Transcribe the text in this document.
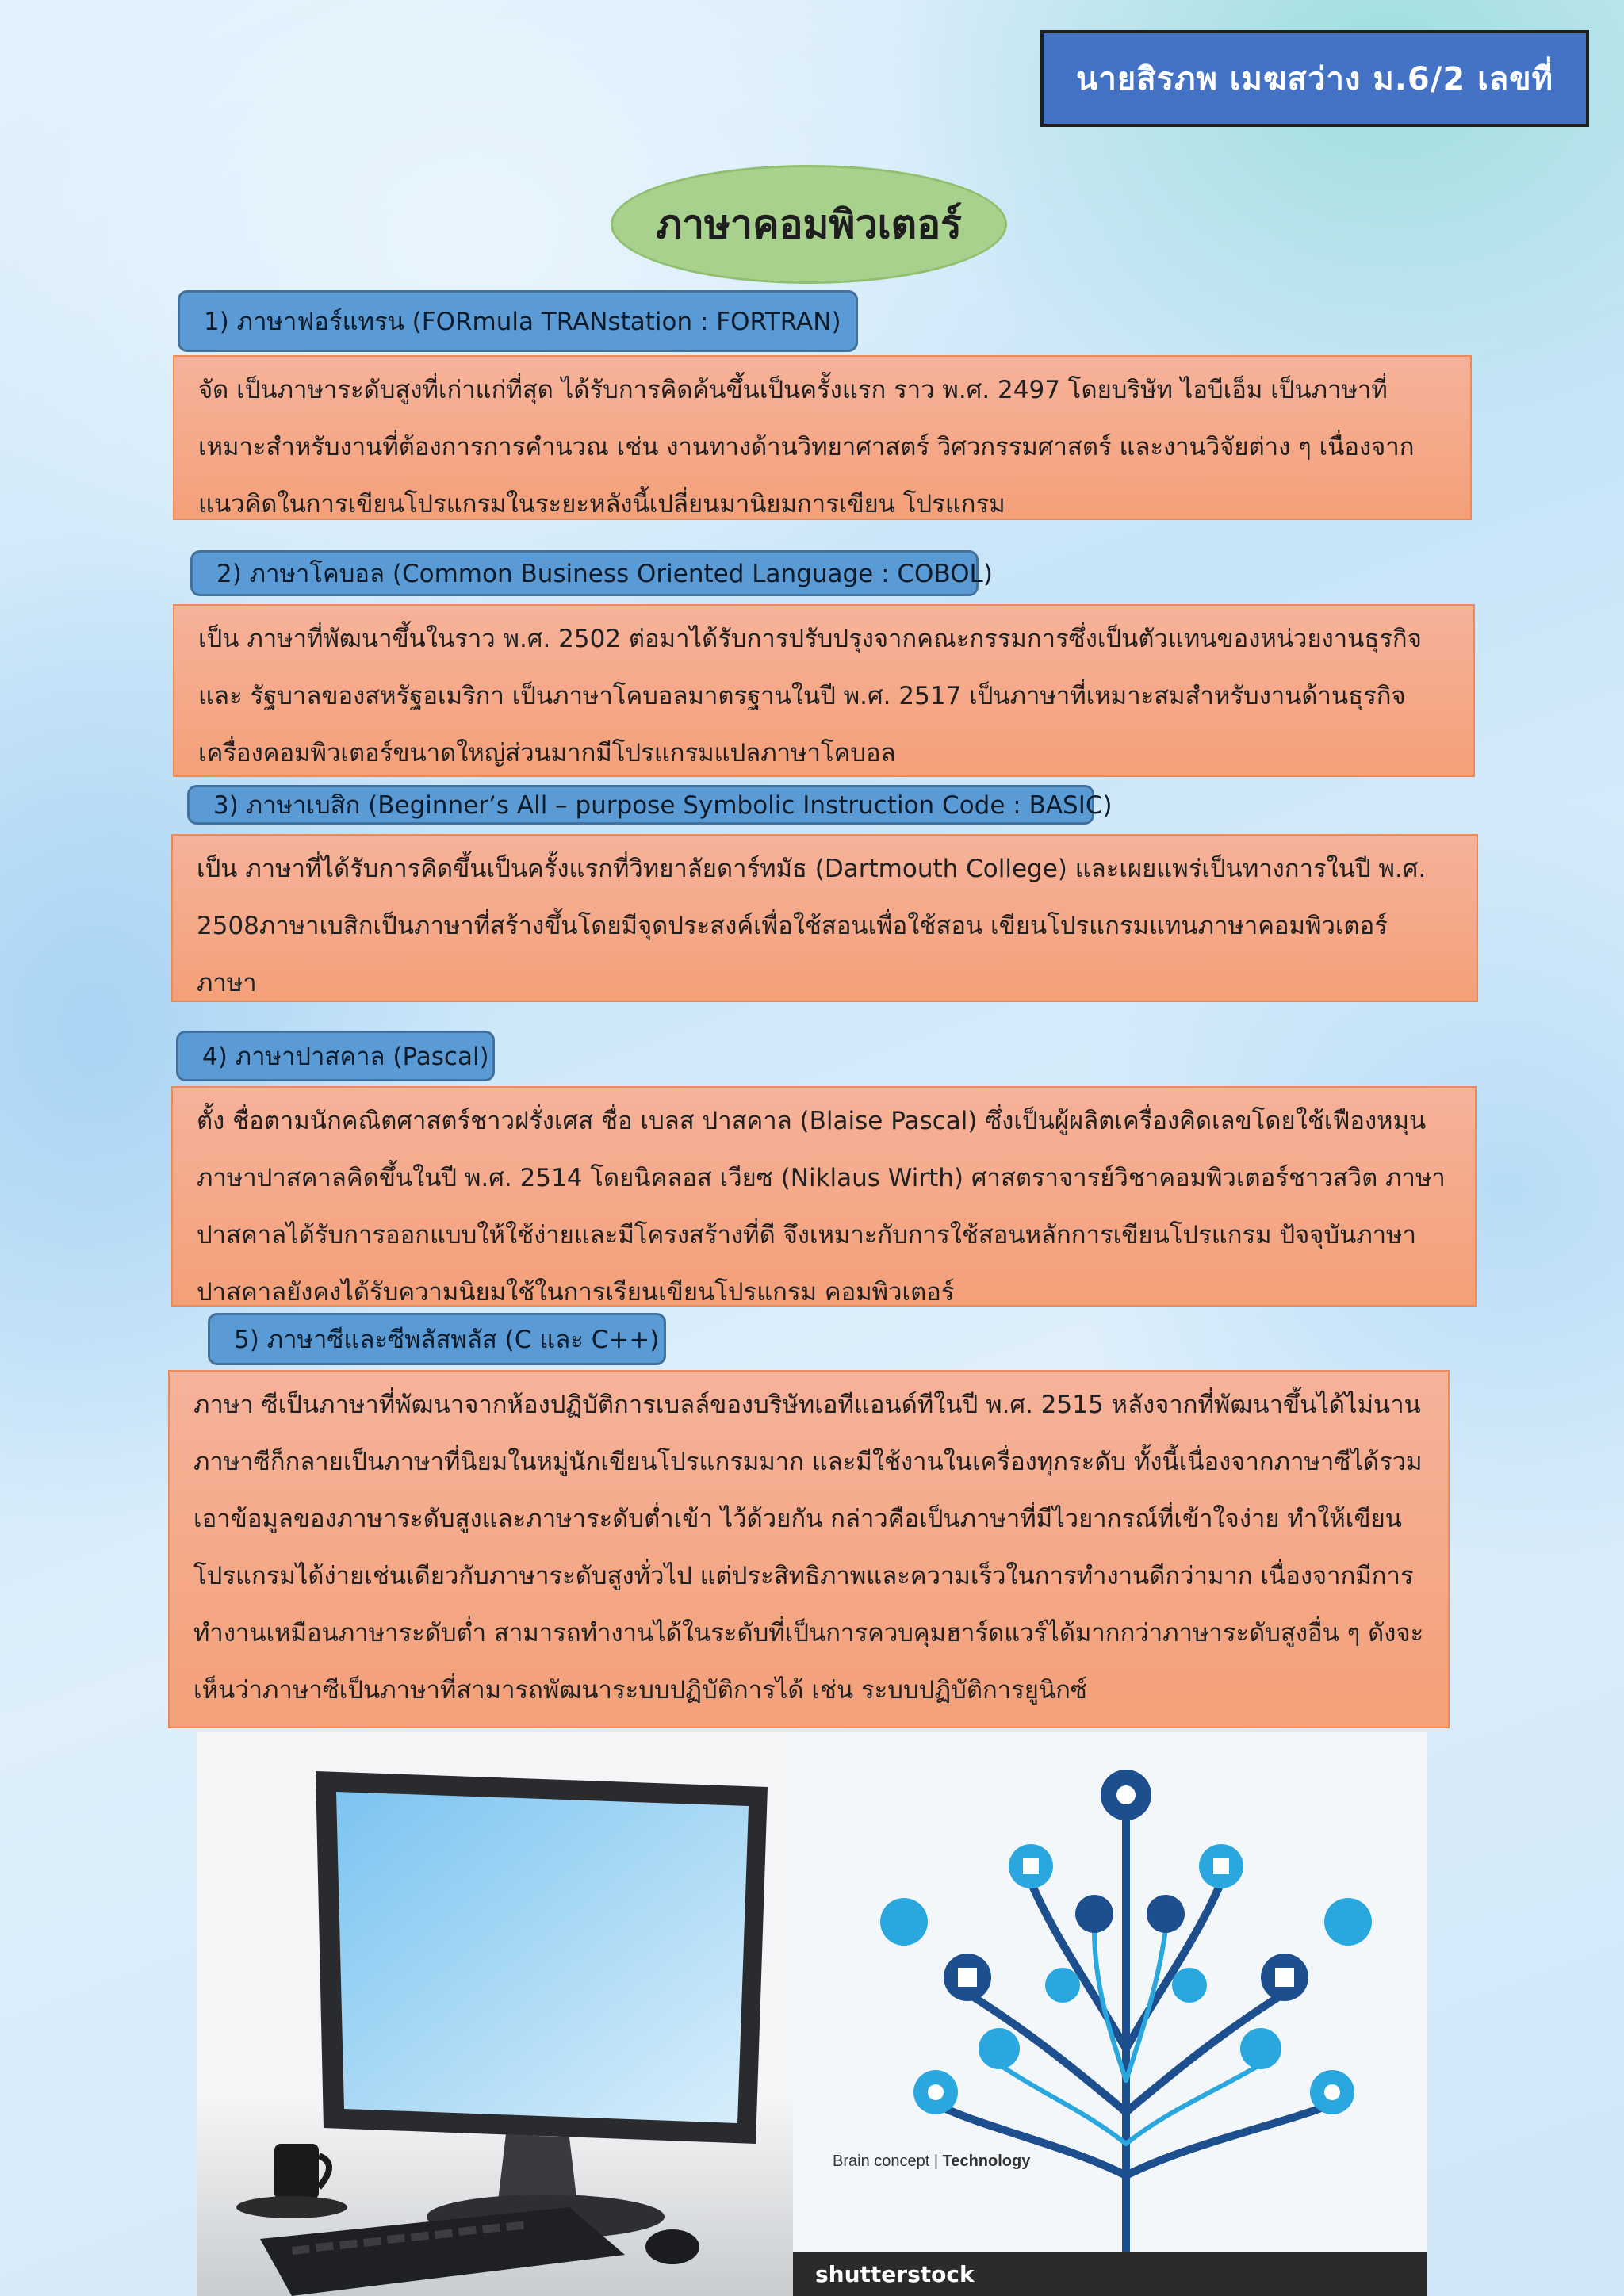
นายสิรภพ เมฆสว่าง ม.6/2 เลขที่
ภาษาคอมพิวเตอร์
1) ภาษาฟอร์แทรน (FORmula TRANstation : FORTRAN)

จัด เป็นภาษาระดับสูงที่เก่าแก่ที่สุด ได้รับการคิดค้นขึ้นเป็นครั้งแรก ราว พ.ศ. 2497 โดยบริษัท ไอบีเอ็ม เป็นภาษาที่

เหมาะสำหรับงานที่ต้องการการคำนวณ เช่น งานทางด้านวิทยาศาสตร์ วิศวกรรมศาสตร์ และงานวิจัยต่าง ๆ เนื่องจาก

แนวคิดในการเขียนโปรแกรมในระยะหลังนี้เปลี่ยนมานิยมการเขียน โปรแกรม

2) ภาษาโคบอล (Common Business Oriented Language : COBOL)

เป็น ภาษาที่พัฒนาขึ้นในราว พ.ศ. 2502 ต่อมาได้รับการปรับปรุงจากคณะกรรมการซึ่งเป็นตัวแทนของหน่วยงานธุรกิจ

และ รัฐบาลของสหรัฐอเมริกา เป็นภาษาโคบอลมาตรฐานในปี พ.ศ. 2517 เป็นภาษาที่เหมาะสมสำหรับงานด้านธุรกิจ

เครื่องคอมพิวเตอร์ขนาดใหญ่ส่วนมากมีโปรแกรมแปลภาษาโคบอล

3) ภาษาเบสิก (Beginner’s All – purpose Symbolic Instruction Code : BASIC)

เป็น ภาษาที่ได้รับการคิดขึ้นเป็นครั้งแรกที่วิทยาลัยดาร์ทมัธ (Dartmouth College) และเผยแพร่เป็นทางการในปี พ.ศ.

2508ภาษาเบสิกเป็นภาษาที่สร้างขึ้นโดยมีจุดประสงค์เพื่อใช้สอนเพื่อใช้สอน เขียนโปรแกรมแทนภาษาคอมพิวเตอร์

ภาษา

4) ภาษาปาสคาล (Pascal)

ตั้ง ชื่อตามนักคณิตศาสตร์ชาวฝรั่งเศส ชื่อ เบลส ปาสคาล (Blaise Pascal) ซึ่งเป็นผู้ผลิตเครื่องคิดเลขโดยใช้เฟืองหมุน

ภาษาปาสคาลคิดขึ้นในปี พ.ศ. 2514 โดยนิคลอส เวียซ (Niklaus Wirth) ศาสตราจารย์วิชาคอมพิวเตอร์ชาวสวิต ภาษา

ปาสคาลได้รับการออกแบบให้ใช้ง่ายและมีโครงสร้างที่ดี จึงเหมาะกับการใช้สอนหลักการเขียนโปรแกรม ปัจจุบันภาษา

ปาสคาลยังคงได้รับความนิยมใช้ในการเรียนเขียนโปรแกรม คอมพิวเตอร์

5) ภาษาซีและซีพลัสพลัส (C และ C++)

ภาษา ซีเป็นภาษาที่พัฒนาจากห้องปฏิบัติการเบลล์ของบริษัทเอทีแอนด์ทีในปี พ.ศ. 2515 หลังจากที่พัฒนาขึ้นได้ไม่นาน

ภาษาซีก็กลายเป็นภาษาที่นิยมในหมู่นักเขียนโปรแกรมมาก และมีใช้งานในเครื่องทุกระดับ ทั้งนี้เนื่องจากภาษาซีได้รวม

เอาข้อมูลของภาษาระดับสูงและภาษาระดับต่ำเข้า ไว้ด้วยกัน กล่าวคือเป็นภาษาที่มีไวยากรณ์ที่เข้าใจง่าย ทำให้เขียน

โปรแกรมได้ง่ายเช่นเดียวกับภาษาระดับสูงทั่วไป แต่ประสิทธิภาพและความเร็วในการทำงานดีกว่ามาก เนื่องจากมีการ

ทำงานเหมือนภาษาระดับต่ำ สามารถทำงานได้ในระดับที่เป็นการควบคุมฮาร์ดแวร์ได้มากกว่าภาษาระดับสูงอื่น ๆ ดังจะ

เห็นว่าภาษาซีเป็นภาษาที่สามารถพัฒนาระบบปฏิบัติการได้ เช่น ระบบปฏิบัติการยูนิกซ์

Brain concept | Technology
shutterstock
